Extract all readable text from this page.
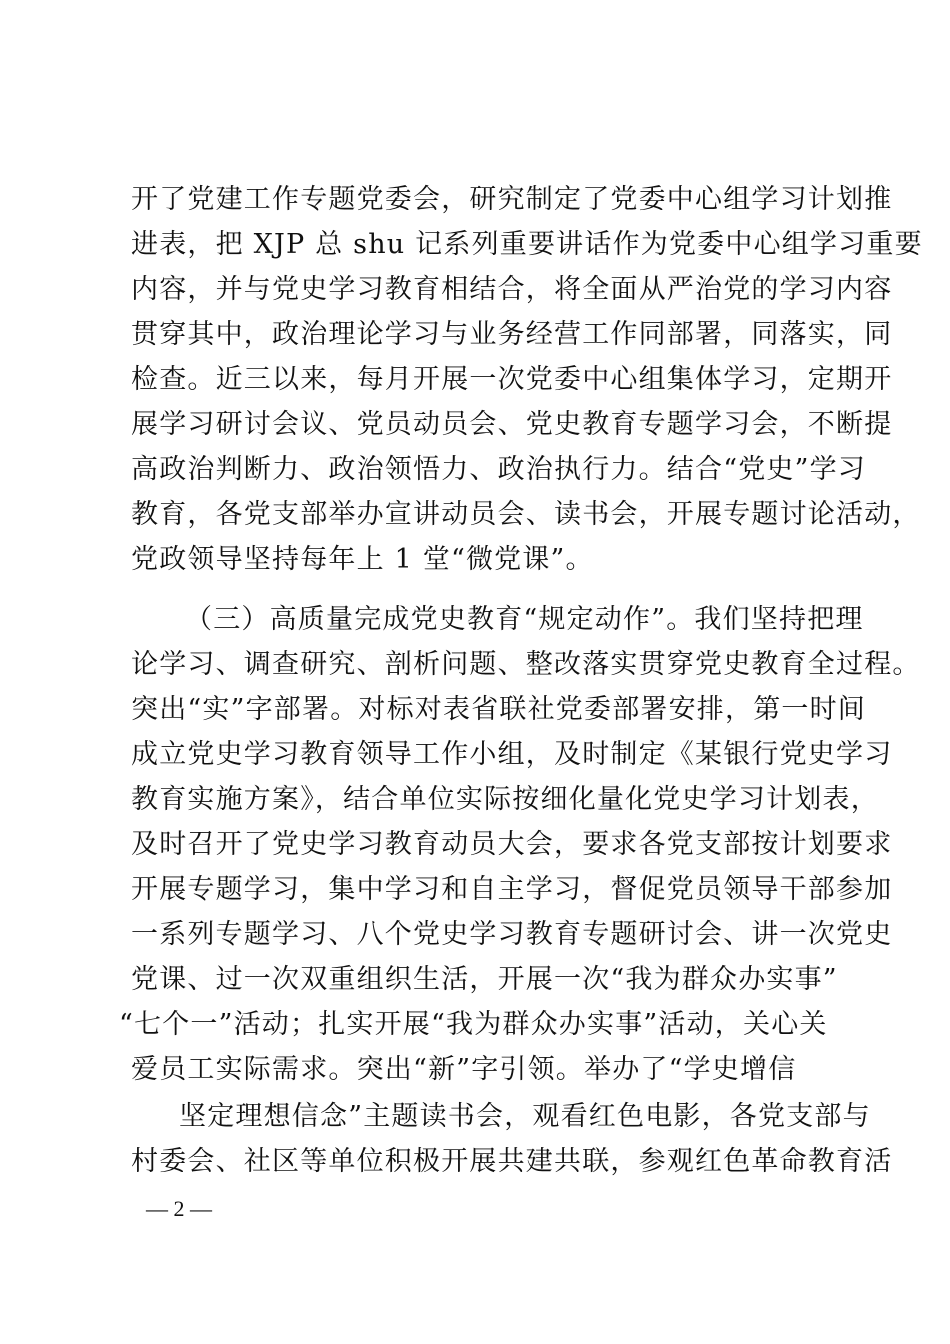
开了党建工作专题党委会，研究制定了党委中心组学习计划推
进表，把 XJP 总 shu 记系列重要讲话作为党委中心组学习重要
内容，并与党史学习教育相结合，将全面从严治党的学习内容
贯穿其中，政治理论学习与业务经营工作同部署，同落实，同
检查。近三以来，每月开展一次党委中心组集体学习，定期开
展学习研讨会议、党员动员会、党史教育专题学习会，不断提
高政治判断力、政治领悟力、政治执行力。结合“党史”学习
教育，各党支部举办宣讲动员会、读书会，开展专题讨论活动，
党政领导坚持每年上 1 堂“微党课”。
（三）高质量完成党史教育“规定动作”。我们坚持把理
论学习、调查研究、剖析问题、整改落实贯穿党史教育全过程。
突出“实”字部署。对标对表省联社党委部署安排，第一时间
成立党史学习教育领导工作小组，及时制定《某银行党史学习
教育实施方案》，结合单位实际按细化量化党史学习计划表，
及时召开了党史学习教育动员大会，要求各党支部按计划要求
开展专题学习，集中学习和自主学习，督促党员领导干部参加
一系列专题学习、八个党史学习教育专题研讨会、讲一次党史
党课、过一次双重组织生活，开展一次“我为群众办实事”
“七个一”活动；扎实开展“我为群众办实事”活动，关心关
爱员工实际需求。突出“新”字引领。举办了“学史增信
坚定理想信念”主题读书会，观看红色电影，各党支部与
村委会、社区等单位积极开展共建共联，参观红色革命教育活
— 2 —
